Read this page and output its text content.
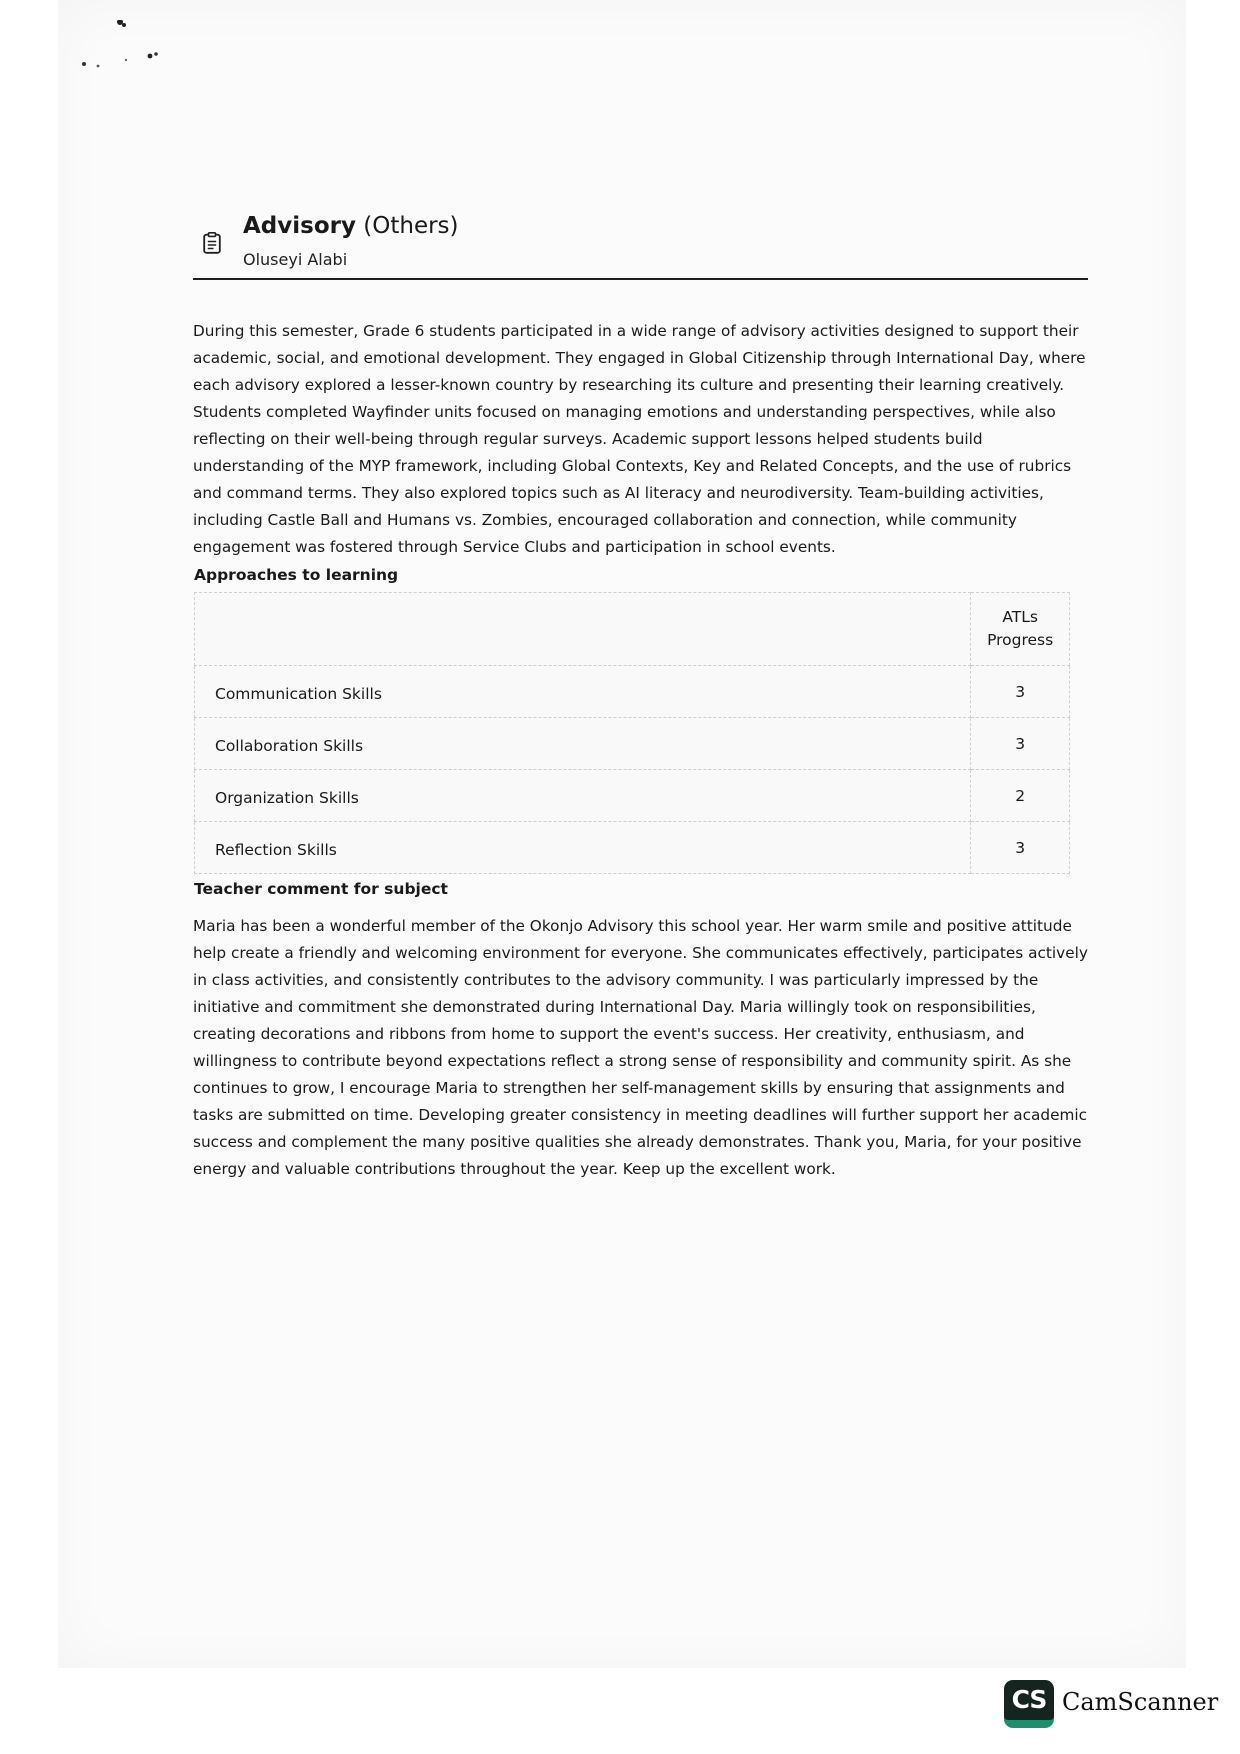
Advisory (Others)
Oluseyi Alabi

During this semester, Grade 6 students participated in a wide range of advisory activities designed to support their academic, social, and emotional development. They engaged in Global Citizenship through International Day, where each advisory explored a lesser-known country by researching its culture and presenting their learning creatively. Students completed Wayfinder units focused on managing emotions and understanding perspectives, while also reflecting on their well-being through regular surveys. Academic support lessons helped students build understanding of the MYP framework, including Global Contexts, Key and Related Concepts, and the use of rubrics and command terms. They also explored topics such as AI literacy and neurodiversity. Team-building activities, including Castle Ball and Humans vs. Zombies, encouraged collaboration and connection, while community engagement was fostered through Service Clubs and participation in school events.

Approaches to learning
	ATLs
Progress
Communication Skills	3
Collaboration Skills	3
Organization Skills	2
Reflection Skills	3
Teacher comment for subject

Maria has been a wonderful member of the Okonjo Advisory this school year. Her warm smile and positive attitude help create a friendly and welcoming environment for everyone. She communicates effectively, participates actively in class activities, and consistently contributes to the advisory community. I was particularly impressed by the initiative and commitment she demonstrated during International Day. Maria willingly took on responsibilities, creating decorations and ribbons from home to support the event's success. Her creativity, enthusiasm, and willingness to contribute beyond expectations reflect a strong sense of responsibility and community spirit. As she continues to grow, I encourage Maria to strengthen her self-management skills by ensuring that assignments and tasks are submitted on time. Developing greater consistency in meeting deadlines will further support her academic success and complement the many positive qualities she already demonstrates. Thank you, Maria, for your positive energy and valuable contributions throughout the year. Keep up the excellent work.

CS CamScanner
